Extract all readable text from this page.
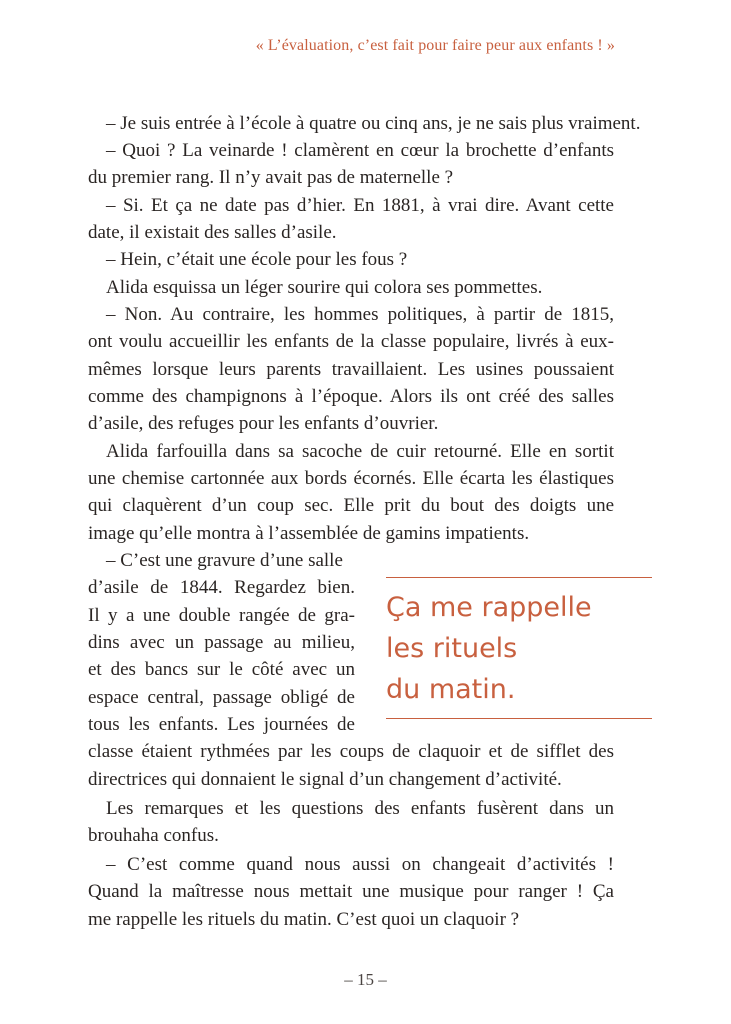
« L’évaluation, c’est fait pour faire peur aux enfants ! »
– Je suis entrée à l’école à quatre ou cinq ans, je ne sais plus vraiment.
– Quoi ? La veinarde ! clamèrent en cœur la brochette d’enfants
du premier rang. Il n’y avait pas de maternelle ?
– Si. Et ça ne date pas d’hier. En 1881, à vrai dire. Avant cette
date, il existait des salles d’asile.
– Hein, c’était une école pour les fous ?
Alida esquissa un léger sourire qui colora ses pommettes.
– Non. Au contraire, les hommes politiques, à partir de 1815,
ont voulu accueillir les enfants de la classe populaire, livrés à eux-
mêmes lorsque leurs parents travaillaient. Les usines poussaient
comme des champignons à l’époque. Alors ils ont créé des salles
d’asile, des refuges pour les enfants d’ouvrier.
Alida farfouilla dans sa sacoche de cuir retourné. Elle en sortit
une chemise cartonnée aux bords écornés. Elle écarta les élastiques
qui claquèrent d’un coup sec. Elle prit du bout des doigts une
image qu’elle montra à l’assemblée de gamins impatients.
– C’est une gravure d’une salle
d’asile de 1844. Regardez bien.
Il y a une double rangée de gra-
dins avec un passage au milieu,
et des bancs sur le côté avec un
espace central, passage obligé de
tous les enfants. Les journées de
classe étaient rythmées par les coups de claquoir et de sifflet des
directrices qui donnaient le signal d’un changement d’activité.
Les remarques et les questions des enfants fusèrent dans un
brouhaha confus.
– C’est comme quand nous aussi on changeait d’activités !
Quand la maîtresse nous mettait une musique pour ranger ! Ça
me rappelle les rituels du matin. C’est quoi un claquoir ?
Ça me rappelle
les rituels
du matin.
– 15 –
